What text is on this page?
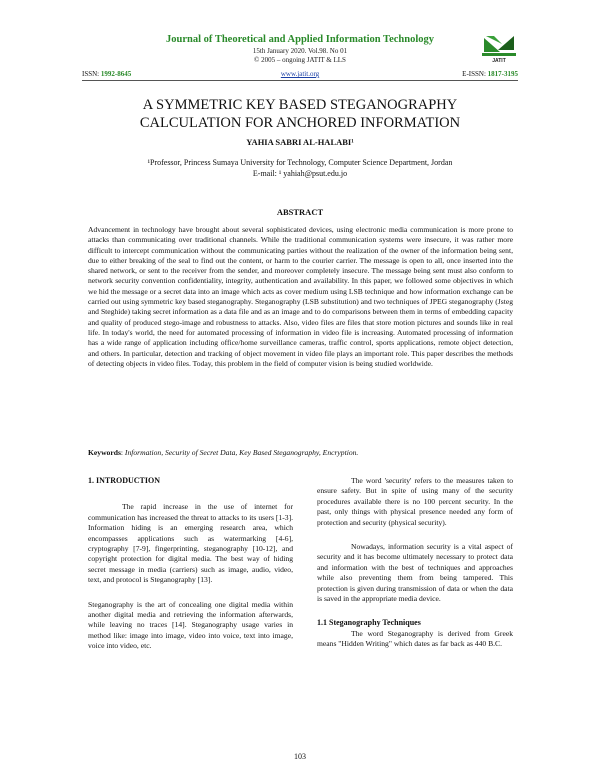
Journal of Theoretical and Applied Information Technology
15th January 2020. Vol.98. No 01
© 2005 – ongoing JATIT & LLS	JATIT
ISSN: 1992-8645	www.jatit.org	E-ISSN: 1817-3195
A SYMMETRIC KEY BASED STEGANOGRAPHY
CALCULATION FOR ANCHORED INFORMATION
YAHIA SABRI AL-HALABI¹
¹Professor, Princess Sumaya University for Technology, Computer Science Department, Jordan
E-mail: ¹ yahiah@psut.edu.jo
ABSTRACT
Advancement in technology have brought about several sophisticated devices, using electronic media communication is more prone to attacks than communicating over traditional channels. While the traditional communication systems were insecure, it was rather more difficult to intercept communication without the communicating parties without the realization of the owner of the information being sent, due to either breaking of the seal to find out the content, or harm to the courier carrier. The message is open to all, once inserted into the shared network, or sent to the receiver from the sender, and moreover completely insecure. The message being sent must also conform to network security convention confidentiality, integrity, authentication and availability. In this paper, we followed some objectives in which we hid the message or a secret data into an image which acts as cover medium using LSB technique and how information exchange can be carried out using symmetric key based steganography. Steganography (LSB substitution) and two techniques of JPEG steganography (Jsteg and Steghide) taking secret information as a data file and as an image and to do comparisons between them in terms of embedding capacity and quality of produced stego-image and robustness to attacks. Also, video files are files that store motion pictures and sounds like in real life. In today's world, the need for automated processing of information in video file is increasing. Automated processing of information has a wide range of application including office/home surveillance cameras, traffic control, sports applications, remote object detection, and others. In particular, detection and tracking of object movement in video file plays an important role. This paper describes the methods of detecting objects in video files. Today, this problem in the field of computer vision is being studied worldwide.
Keywords: Information, Security of Secret Data, Key Based Steganography, Encryption.
1. INTRODUCTION
The rapid increase in the use of internet for communication has increased the threat to attacks to its users [1-3]. Information hiding is an emerging research area, which encompasses applications such as watermarking [4-6], cryptography [7-9], fingerprinting, steganography [10-12], and copyright protection for digital media. The best way of hiding secret message in media (carriers) such as image, audio, video, text, and protocol is Steganography [13].
Steganography is the art of concealing one digital media within another digital media and retrieving the information afterwards, while leaving no traces [14]. Steganography usage varies in method like: image into image, video into voice, text into image, voice into video, etc.
The word 'security' refers to the measures taken to ensure safety. But in spite of using many of the security procedures available there is no 100 percent security. In the past, only things with physical presence needed any form of protection and security (physical security).
Nowadays, information security is a vital aspect of security and it has become ultimately necessary to protect data and information with the best of techniques and approaches while also preventing them from being tampered. This protection is given during transmission of data or when the data is saved in the appropriate media device.
1.1 Steganography Techniques
The word Steganography is derived from Greek means "Hidden Writing" which dates as far back as 440 B.C.
103
